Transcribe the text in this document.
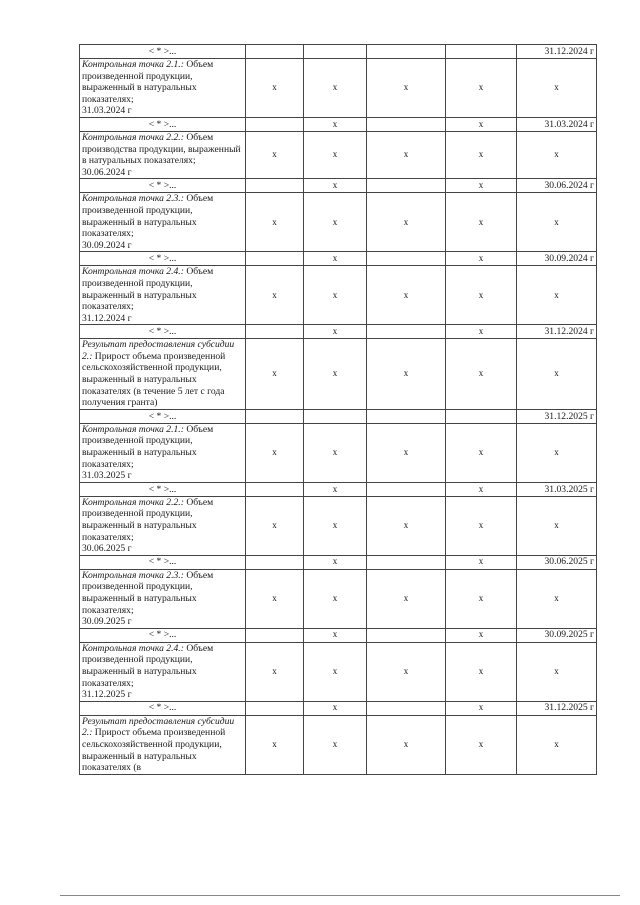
< * >...					31.12.2024 г
Контрольная точка 2.1.: Объем произведенной продукции, выраженный в натуральных показателях;
31.03.2024 г	x	x	x	x	x
< * >...		x		x	31.03.2024 г
Контрольная точка 2.2.: Объем производства продукции, выраженный в натуральных показателях;
30.06.2024 г	x	x	x	x	x
< * >...		x		x	30.06.2024 г
Контрольная точка 2.3.: Объем произведенной продукции, выраженный в натуральных показателях;
30.09.2024 г	x	x	x	x	x
< * >...		x		x	30.09.2024 г
Контрольная точка 2.4.: Объем произведенной продукции, выраженный в натуральных показателях;
31.12.2024 г	x	x	x	x	x
< * >...		x		x	31.12.2024 г
Результат предоставления субсидии 2.: Прирост объема произведенной сельскохозяйственной продукции, выраженный в натуральных показателях (в течение 5 лет с года получения гранта)	x	x	x	x	x
< * >...					31.12.2025 г
Контрольная точка 2.1.: Объем произведенной продукции, выраженный в натуральных показателях;
31.03.2025 г	x	x	x	x	x
< * >...		x		x	31.03.2025 г
Контрольная точка 2.2.: Объем произведенной продукции, выраженный в натуральных показателях;
30.06.2025 г	x	x	x	x	x
< * >...		x		x	30.06.2025 г
Контрольная точка 2.3.: Объем произведенной продукции, выраженный в натуральных показателях;
30.09.2025 г	x	x	x	x	x
< * >...		x		x	30.09.2025 г
Контрольная точка 2.4.: Объем произведенной продукции, выраженный в натуральных показателях;
31.12.2025 г	x	x	x	x	x
< * >...		x		x	31.12.2025 г
Результат предоставления субсидии 2.: Прирост объема произведенной сельскохозяйственной продукции, выраженный в натуральных показателях (в	x	x	x	x	x
